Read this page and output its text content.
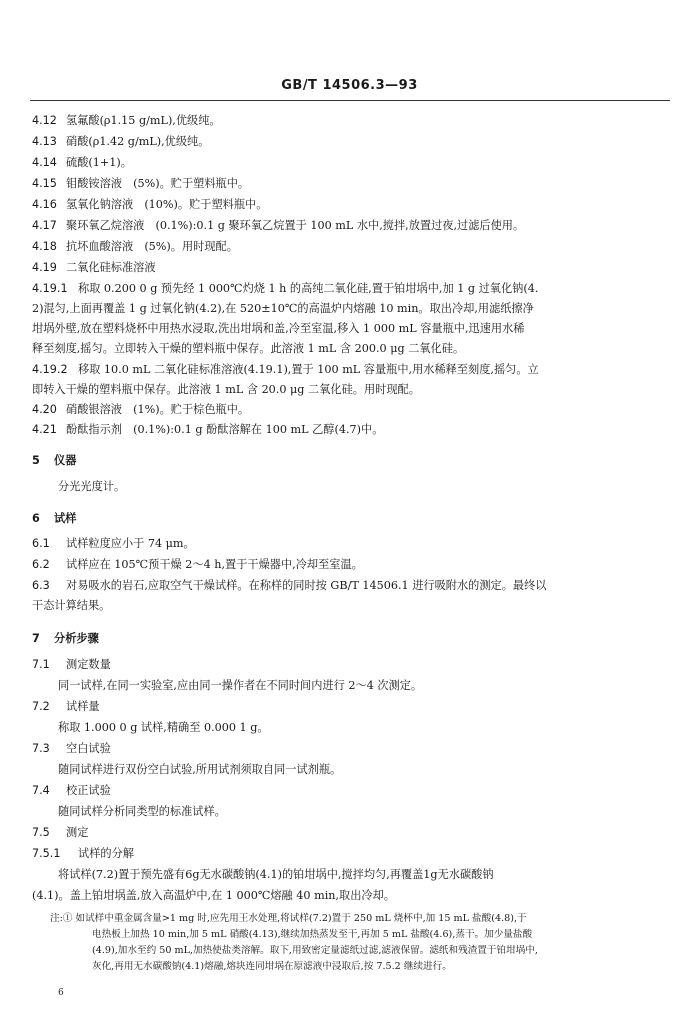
GB/T 14506.3—93
4.12 氢氟酸(ρ1.15 g/mL),优级纯。
4.13 硝酸(ρ1.42 g/mL),优级纯。
4.14 硫酸(1+1)。
4.15 钼酸铵溶液　(5%)。贮于塑料瓶中。
4.16 氢氧化钠溶液　(10%)。贮于塑料瓶中。
4.17 聚环氧乙烷溶液　(0.1%):0.1 g 聚环氧乙烷置于 100 mL 水中,搅拌,放置过夜,过滤后使用。
4.18 抗坏血酸溶液　(5%)。用时现配。
4.19 二氧化硅标准溶液
4.19.1 称取 0.200 0 g 预先经 1 000℃灼烧 1 h 的高纯二氧化硅,置于铂坩埚中,加 1 g 过氧化钠(4.
2)混匀,上面再覆盖 1 g 过氧化钠(4.2),在 520±10℃的高温炉内熔融 10 min。取出冷却,用滤纸擦净
坩埚外壁,放在塑料烧杯中用热水浸取,洗出坩埚和盖,冷至室温,移入 1 000 mL 容量瓶中,迅速用水稀
释至刻度,摇匀。立即转入干燥的塑料瓶中保存。此溶液 1 mL 含 200.0 μg 二氧化硅。
4.19.2 移取 10.0 mL 二氧化硅标准溶液(4.19.1),置于 100 mL 容量瓶中,用水稀释至刻度,摇匀。立
即转入干燥的塑料瓶中保存。此溶液 1 mL 含 20.0 μg 二氧化硅。用时现配。
4.20 硝酸银溶液　(1%)。贮于棕色瓶中。
4.21 酚酞指示剂　(0.1%):0.1 g 酚酞溶解在 100 mL 乙醇(4.7)中。
5 仪器
分光光度计。
6 试样
6.1 试样粒度应小于 74 μm。
6.2 试样应在 105℃预干燥 2～4 h,置于干燥器中,冷却至室温。
6.3 对易吸水的岩石,应取空气干燥试样。在称样的同时按 GB/T 14506.1 进行吸附水的测定。最终以
干态计算结果。
7 分析步骤
7.1 测定数量
同一试样,在同一实验室,应由同一操作者在不同时间内进行 2～4 次测定。
7.2 试样量
称取 1.000 0 g 试样,精确至 0.000 1 g。
7.3 空白试验
随同试样进行双份空白试验,所用试剂须取自同一试剂瓶。
7.4 校正试验
随同试样分析同类型的标准试样。
7.5 测定
7.5.1 试样的分解
将试样(7.2)置于预先盛有6g无水碳酸钠(4.1)的铂坩埚中,搅拌均匀,再覆盖1g无水碳酸钠
(4.1)。盖上铂坩埚盖,放入高温炉中,在 1 000℃熔融 40 min,取出冷却。
注:① 如试样中重金属含量>1 mg 时,应先用王水处理,将试样(7.2)置于 250 mL 烧杯中,加 15 mL 盐酸(4.8),于
电热板上加热 10 min,加 5 mL 硝酸(4.13),继续加热蒸发至干,再加 5 mL 盐酸(4.6),蒸干。加少量盐酸
(4.9),加水至约 50 mL,加热使盐类溶解。取下,用致密定量滤纸过滤,滤液保留。滤纸和残渣置于铂坩埚中,
灰化,再用无水碳酸钠(4.1)熔融,熔块连同坩埚在原滤液中浸取后,按 7.5.2 继续进行。
6
